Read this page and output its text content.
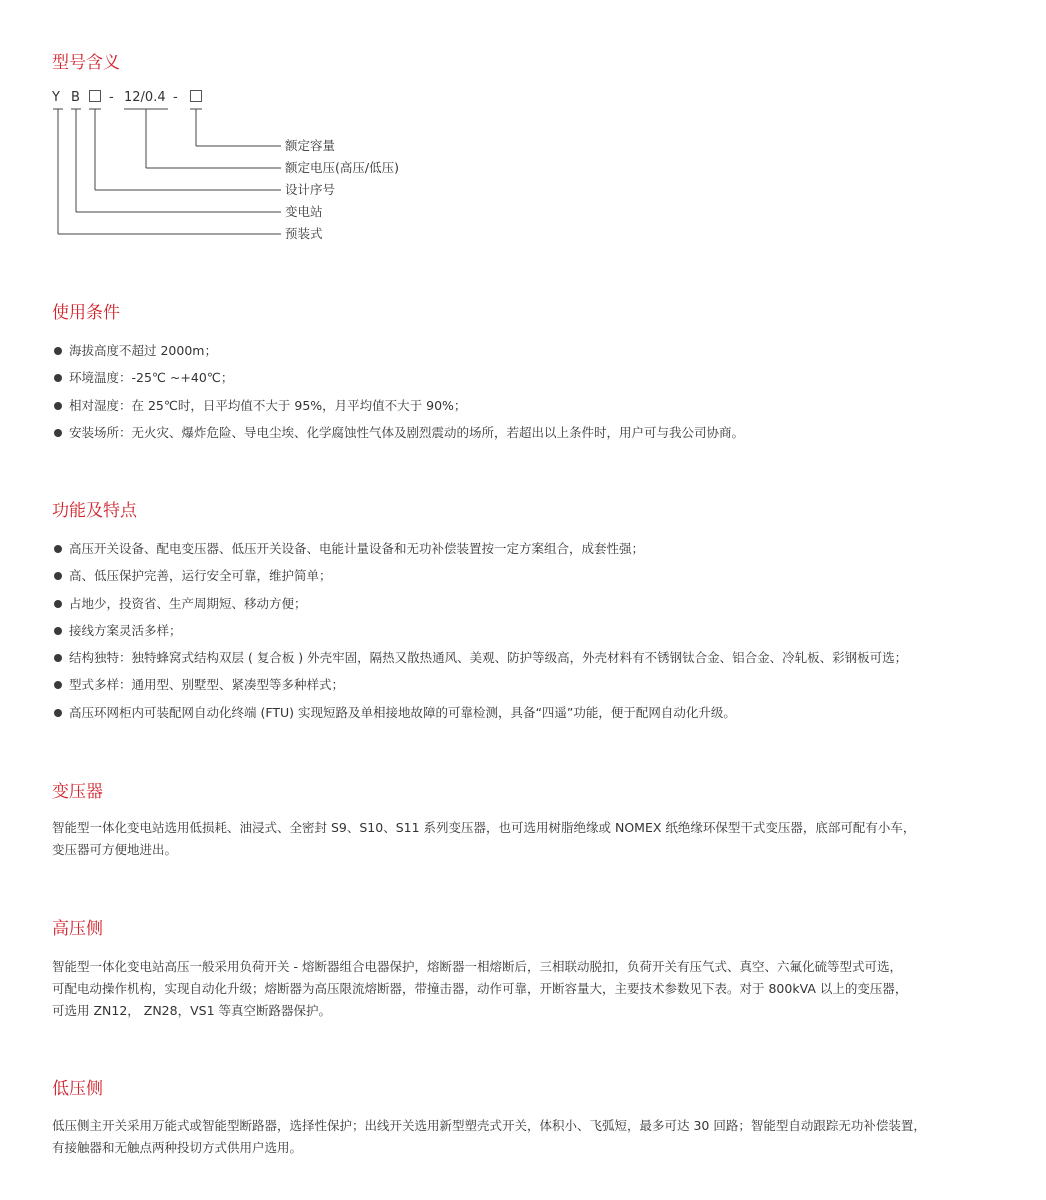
型号含义
Y B - 12/0.4 -
额定容量
额定电压(高压/低压)
设计序号
变电站
预装式
使用条件
海拔高度不超过 2000m；
环境温度：-25℃ ~+40℃；
相对湿度：在 25℃时，日平均值不大于 95%，月平均值不大于 90%；
安装场所：无火灾、爆炸危险、导电尘埃、化学腐蚀性气体及剧烈震动的场所，若超出以上条件时，用户可与我公司协商。
功能及特点
高压开关设备、配电变压器、低压开关设备、电能计量设备和无功补偿装置按一定方案组合，成套性强；
高、低压保护完善，运行安全可靠，维护简单；
占地少，投资省、生产周期短、移动方便；
接线方案灵活多样；
结构独特：独特蜂窝式结构双层 ( 复合板 ) 外壳牢固，隔热又散热通风、美观、防护等级高，外壳材料有不锈钢钛合金、铝合金、冷轧板、彩钢板可选；
型式多样：通用型、别墅型、紧凑型等多种样式；
高压环网柜内可装配网自动化终端 (FTU) 实现短路及单相接地故障的可靠检测，具备“四遥”功能，便于配网自动化升级。
变压器
智能型一体化变电站选用低损耗、油浸式、全密封 S9、S10、S11 系列变压器，也可选用树脂绝缘或 NOMEX 纸绝缘环保型干式变压器，底部可配有小车，
变压器可方便地进出。
高压侧
智能型一体化变电站高压一般采用负荷开关 - 熔断器组合电器保护，熔断器一相熔断后，三相联动脱扣，负荷开关有压气式、真空、六氟化硫等型式可选，
可配电动操作机构，实现自动化升级；熔断器为高压限流熔断器，带撞击器，动作可靠，开断容量大，主要技术参数见下表。对于 800kVA 以上的变压器，
可选用 ZN12， ZN28，VS1 等真空断路器保护。
低压侧
低压侧主开关采用万能式或智能型断路器，选择性保护；出线开关选用新型塑壳式开关，体积小、飞弧短，最多可达 30 回路；智能型自动跟踪无功补偿装置，
有接触器和无触点两种投切方式供用户选用。
